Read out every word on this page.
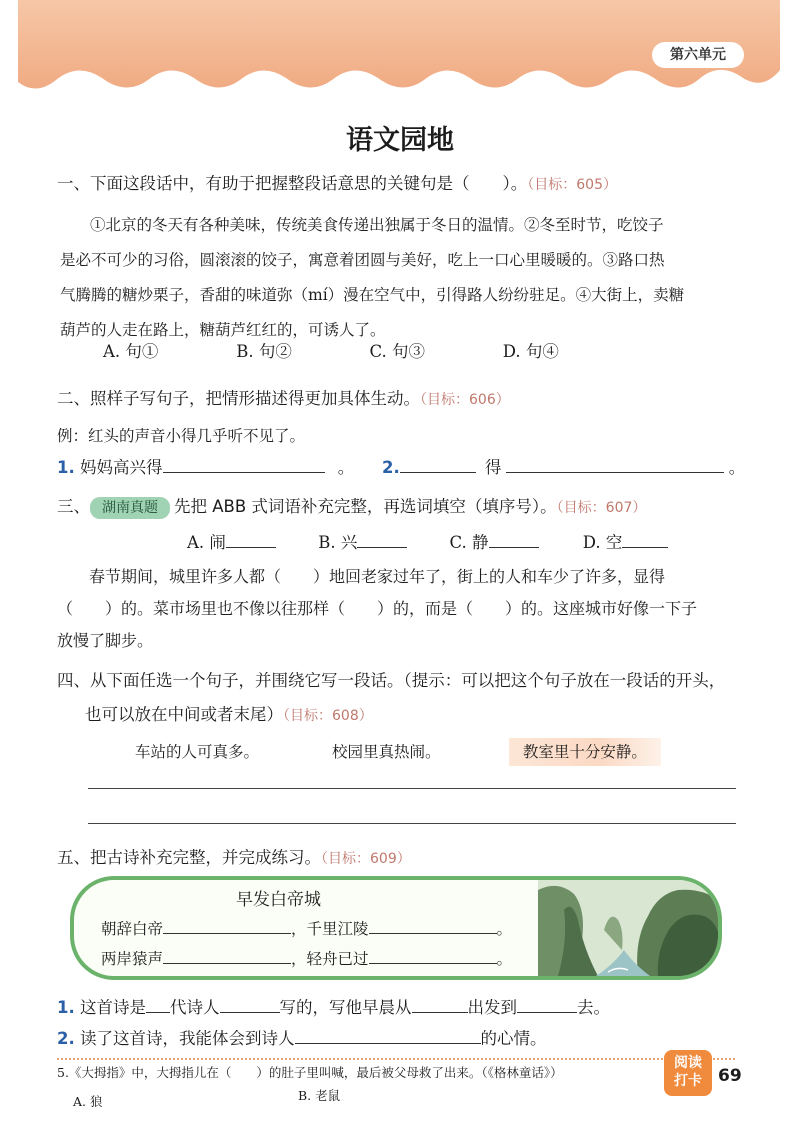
第六单元
语文园地
一、下面这段话中，有助于把握整段话意思的关键句是（　　）。（目标：605）
①北京的冬天有各种美味，传统美食传递出独属于冬日的温情。②冬至时节，吃饺子
是必不可少的习俗，圆滚滚的饺子，寓意着团圆与美好，吃上一口心里暖暖的。③路口热
气腾腾的糖炒栗子，香甜的味道弥（mí）漫在空气中，引得路人纷纷驻足。④大街上，卖糖
葫芦的人走在路上，糖葫芦红红的，可诱人了。
A. 句①	B. 句②	C. 句③	D. 句④
二、照样子写句子，把情形描述得更加具体生动。（目标：606）
例：红头的声音小得几乎听不见了。
1. 妈妈高兴得	。 2.	得	。
三、 湖南真题 先把 ABB 式词语补充完整，再选词填空（填序号）。（目标：607）
A. 闹	B. 兴	C. 静	D. 空
春节期间，城里许多人都（　　）地回老家过年了，街上的人和车少了许多，显得
（　　）的。菜市场里也不像以往那样（　　）的，而是（　　）的。这座城市好像一下子
放慢了脚步。
四、从下面任选一个句子，并围绕它写一段话。（提示：可以把这个句子放在一段话的开头，
也可以放在中间或者末尾）（目标：608）
车站的人可真多。	校园里真热闹。	教室里十分安静。
五、把古诗补充完整，并完成练习。（目标：609）
早发白帝城
朝辞白帝	，千里江陵	。
两岸猿声	，轻舟已过	。
1. 这首诗是 代诗人	写的，写他早晨从	出发到	去。
2. 读了这首诗，我能体会到诗人	的心情。
5.《大拇指》中，大拇指儿在（　　）的肚子里叫喊，最后被父母救了出来。（《格林童话》）
A. 狼	B. 老鼠
阅读
打卡 69
